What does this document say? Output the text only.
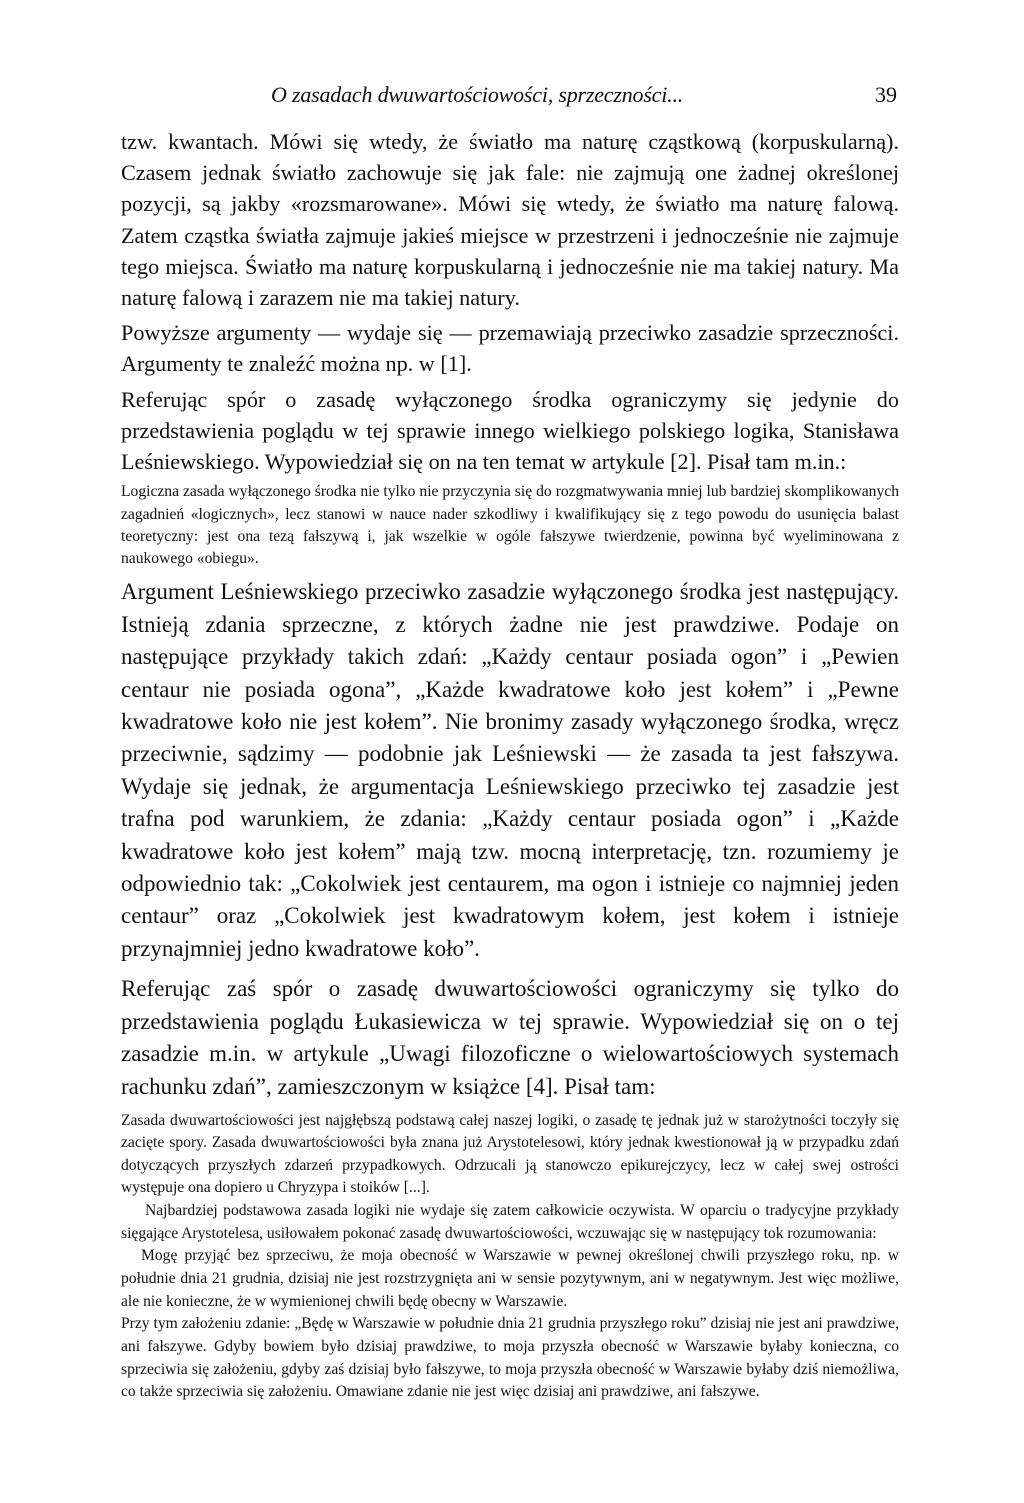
O zasadach dwuwartościowości, sprzeczności...	39

tzw. kwantach. Mówi się wtedy, że światło ma naturę cząstkową (korpuskularną). Czasem jednak światło zachowuje się jak fale: nie zajmują one żadnej określonej pozycji, są jakby «rozsmarowane». Mówi się wtedy, że światło ma naturę falową. Zatem cząstka światła zajmuje jakieś miejsce w przestrzeni i jednocześnie nie zajmuje tego miejsca. Światło ma naturę korpuskularną i jednocześnie nie ma takiej natury. Ma naturę falową i zarazem nie ma takiej natury.

Powyższe argumenty — wydaje się — przemawiają przeciwko zasadzie sprzeczności. Argumenty te znaleźć można np. w [1].

Referując spór o zasadę wyłączonego środka ograniczymy się jedynie do przedstawienia poglądu w tej sprawie innego wielkiego polskiego logika, Stanisława Leśniewskiego. Wypowiedział się on na ten temat w artykule [2]. Pisał tam m.in.:

Logiczna zasada wyłączonego środka nie tylko nie przyczynia się do rozgmatwywania mniej lub bardziej skomplikowanych zagadnień «logicznych», lecz stanowi w nauce nader szkodliwy i kwalifikujący się z tego powodu do usunięcia balast teoretyczny: jest ona tezą fałszywą i, jak wszelkie w ogóle fałszywe twierdzenie, powinna być wyeliminowana z naukowego «obiegu».

Argument Leśniewskiego przeciwko zasadzie wyłączonego środka jest następujący. Istnieją zdania sprzeczne, z których żadne nie jest prawdziwe. Podaje on następujące przykłady takich zdań: „Każdy centaur posiada ogon” i „Pewien centaur nie posiada ogona”, „Każde kwadratowe koło jest kołem” i „Pewne kwadratowe koło nie jest kołem”. Nie bronimy zasady wyłączonego środka, wręcz przeciwnie, sądzimy — podobnie jak Leśniewski — że zasada ta jest fałszywa. Wydaje się jednak, że argumentacja Leśniewskiego przeciwko tej zasadzie jest trafna pod warunkiem, że zdania: „Każdy centaur posiada ogon” i „Każde kwadratowe koło jest kołem” mają tzw. mocną interpretację, tzn. rozumiemy je odpowiednio tak: „Cokolwiek jest centaurem, ma ogon i istnieje co najmniej jeden centaur” oraz „Cokolwiek jest kwadratowym kołem, jest kołem i istnieje przynajmniej jedno kwadratowe koło”.

Referując zaś spór o zasadę dwuwartościowości ograniczymy się tylko do przedstawienia poglądu Łukasiewicza w tej sprawie. Wypowiedział się on o tej zasadzie m.in. w artykule „Uwagi filozoficzne o wielowartościowych systemach rachunku zdań”, zamieszczonym w książce [4]. Pisał tam:

Zasada dwuwartościowości jest najgłębszą podstawą całej naszej logiki, o zasadę tę jednak już w starożytności toczyły się zacięte spory. Zasada dwuwartościowości była znana już Arystotelesowi, który jednak kwestionował ją w przypadku zdań dotyczących przyszłych zdarzeń przypadkowych. Odrzucali ją stanowczo epikurejczycy, lecz w całej swej ostrości występuje ona dopiero u Chryzypa i stoików [...].

Najbardziej podstawowa zasada logiki nie wydaje się zatem całkowicie oczywista. W oparciu o tradycyjne przykłady sięgające Arystotelesa, usiłowałem pokonać zasadę dwuwartościowości, wczuwając się w następujący tok rozumowania:

Mogę przyjąć bez sprzeciwu, że moja obecność w Warszawie w pewnej określonej chwili przyszłego roku, np. w południe dnia 21 grudnia, dzisiaj nie jest rozstrzygnięta ani w sensie pozytywnym, ani w negatywnym. Jest więc możliwe, ale nie konieczne, że w wymienionej chwili będę obecny w Warszawie.

Przy tym założeniu zdanie: „Będę w Warszawie w południe dnia 21 grudnia przyszłego roku” dzisiaj nie jest ani prawdziwe, ani fałszywe. Gdyby bowiem było dzisiaj prawdziwe, to moja przyszła obecność w Warszawie byłaby konieczna, co sprzeciwia się założeniu, gdyby zaś dzisiaj było fałszywe, to moja przyszła obecność w Warszawie byłaby dziś niemożliwa, co także sprzeciwia się założeniu. Omawiane zdanie nie jest więc dzisiaj ani prawdziwe, ani fałszywe.
